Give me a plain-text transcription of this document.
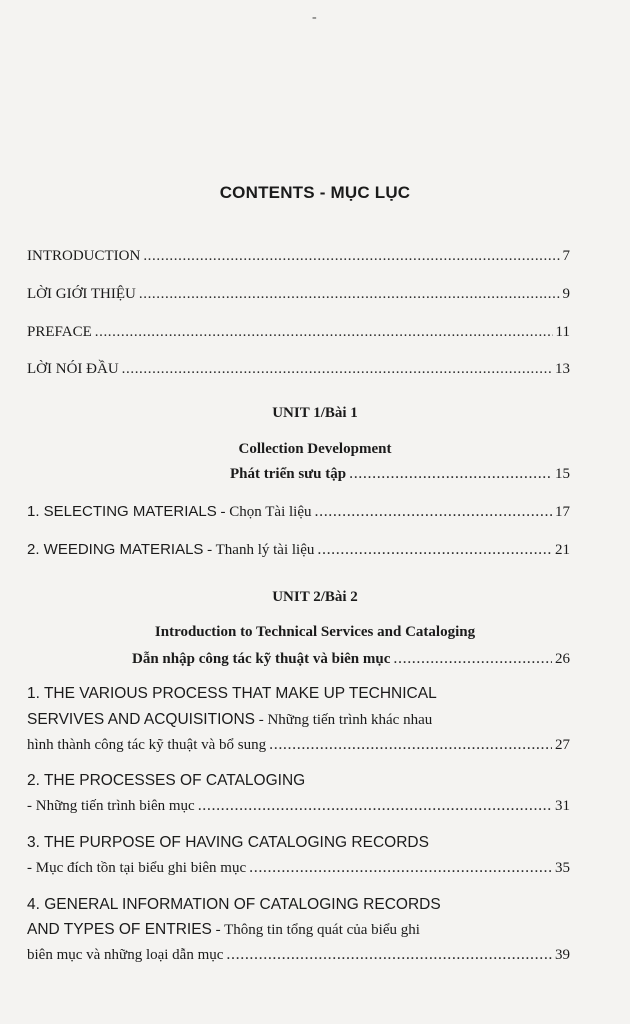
-
CONTENTS - MỤC LỤC
INTRODUCTION .....	7
LỜI GIỚI THIỆU .....	9
PREFACE .....	11
LỜI NÓI ĐẦU .....	13
UNIT 1/Bài 1
Collection Development
Phát triển sưu tập .....	15
1. SELECTING MATERIALS - Chọn Tài liệu .....	17
2. WEEDING MATERIALS - Thanh lý tài liệu .....	21
UNIT 2/Bài 2
Introduction to Technical Services and Cataloging
Dẫn nhập công tác kỹ thuật và biên mục .....	26
1. THE VARIOUS PROCESS THAT MAKE UP TECHNICAL
SERVIVES AND ACQUISITIONS - Những tiến trình khác nhau
hình thành công tác kỹ thuật và bổ sung .....	27
2. THE PROCESSES OF CATALOGING
- Những tiến trình biên mục .....	31
3. THE PURPOSE OF HAVING CATALOGING RECORDS
- Mục đích tồn tại biểu ghi biên mục .....	35
4. GENERAL INFORMATION OF CATALOGING RECORDS
AND TYPES OF ENTRIES - Thông tin tổng quát của biểu ghi
biên mục và những loại dẫn mục .....	39
